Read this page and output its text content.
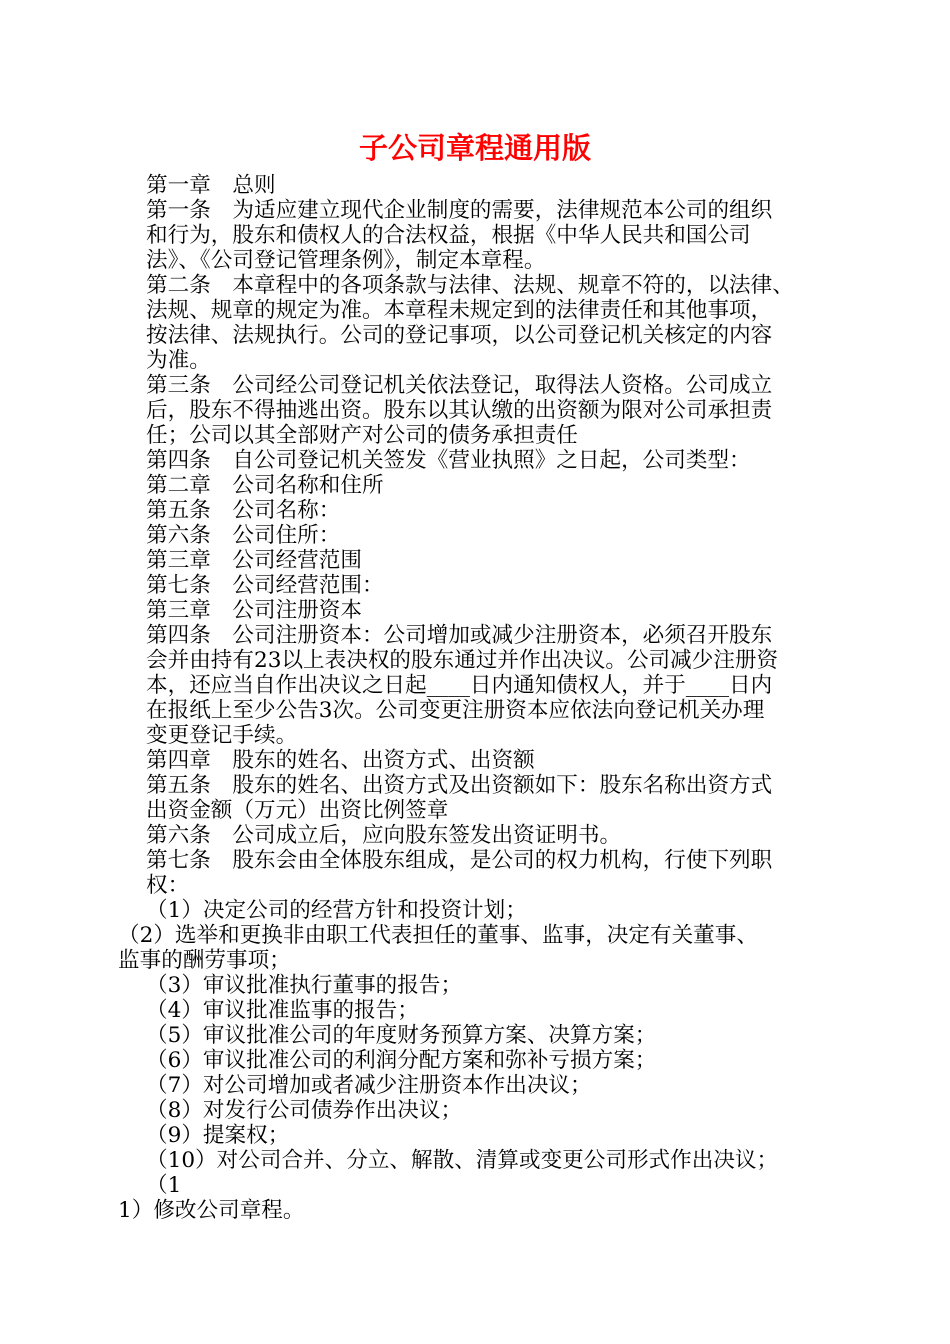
子公司章程通用版
第一章　总则
第一条　为适应建立现代企业制度的需要，法律规范本公司的组织
和行为，股东和债权人的合法权益，根据《中华人民共和国公司
法》、《公司登记管理条例》，制定本章程。
第二条　本章程中的各项条款与法律、法规、规章不符的，以法律、
法规、规章的规定为准。本章程未规定到的法律责任和其他事项，
按法律、法规执行。公司的登记事项，以公司登记机关核定的内容
为准。
第三条　公司经公司登记机关依法登记，取得法人资格。公司成立
后，股东不得抽逃出资。股东以其认缴的出资额为限对公司承担责
任；公司以其全部财产对公司的债务承担责任
第四条　自公司登记机关签发《营业执照》之日起，公司类型：
第二章　公司名称和住所
第五条　公司名称：
第六条　公司住所：
第三章　公司经营范围
第七条　公司经营范围：
第三章　公司注册资本
第四条　公司注册资本：公司增加或减少注册资本，必须召开股东
会并由持有23以上表决权的股东通过并作出决议。公司减少注册资
本，还应当自作出决议之日起____日内通知债权人，并于____日内
在报纸上至少公告3次。公司变更注册资本应依法向登记机关办理
变更登记手续。
第四章　股东的姓名、出资方式、出资额
第五条　股东的姓名、出资方式及出资额如下：股东名称出资方式
出资金额（万元）出资比例签章
第六条　公司成立后，应向股东签发出资证明书。
第七条　股东会由全体股东组成，是公司的权力机构，行使下列职
权：
（1）决定公司的经营方针和投资计划；
（2）选举和更换非由职工代表担任的董事、监事，决定有关董事、
监事的酬劳事项；
（3）审议批准执行董事的报告；
（4）审议批准监事的报告；
（5）审议批准公司的年度财务预算方案、决算方案；
（6）审议批准公司的利润分配方案和弥补亏损方案；
（7）对公司增加或者减少注册资本作出决议；
（8）对发行公司债券作出决议；
（9）提案权；
（10）对公司合并、分立、解散、清算或变更公司形式作出决议；
（1
1）修改公司章程。
